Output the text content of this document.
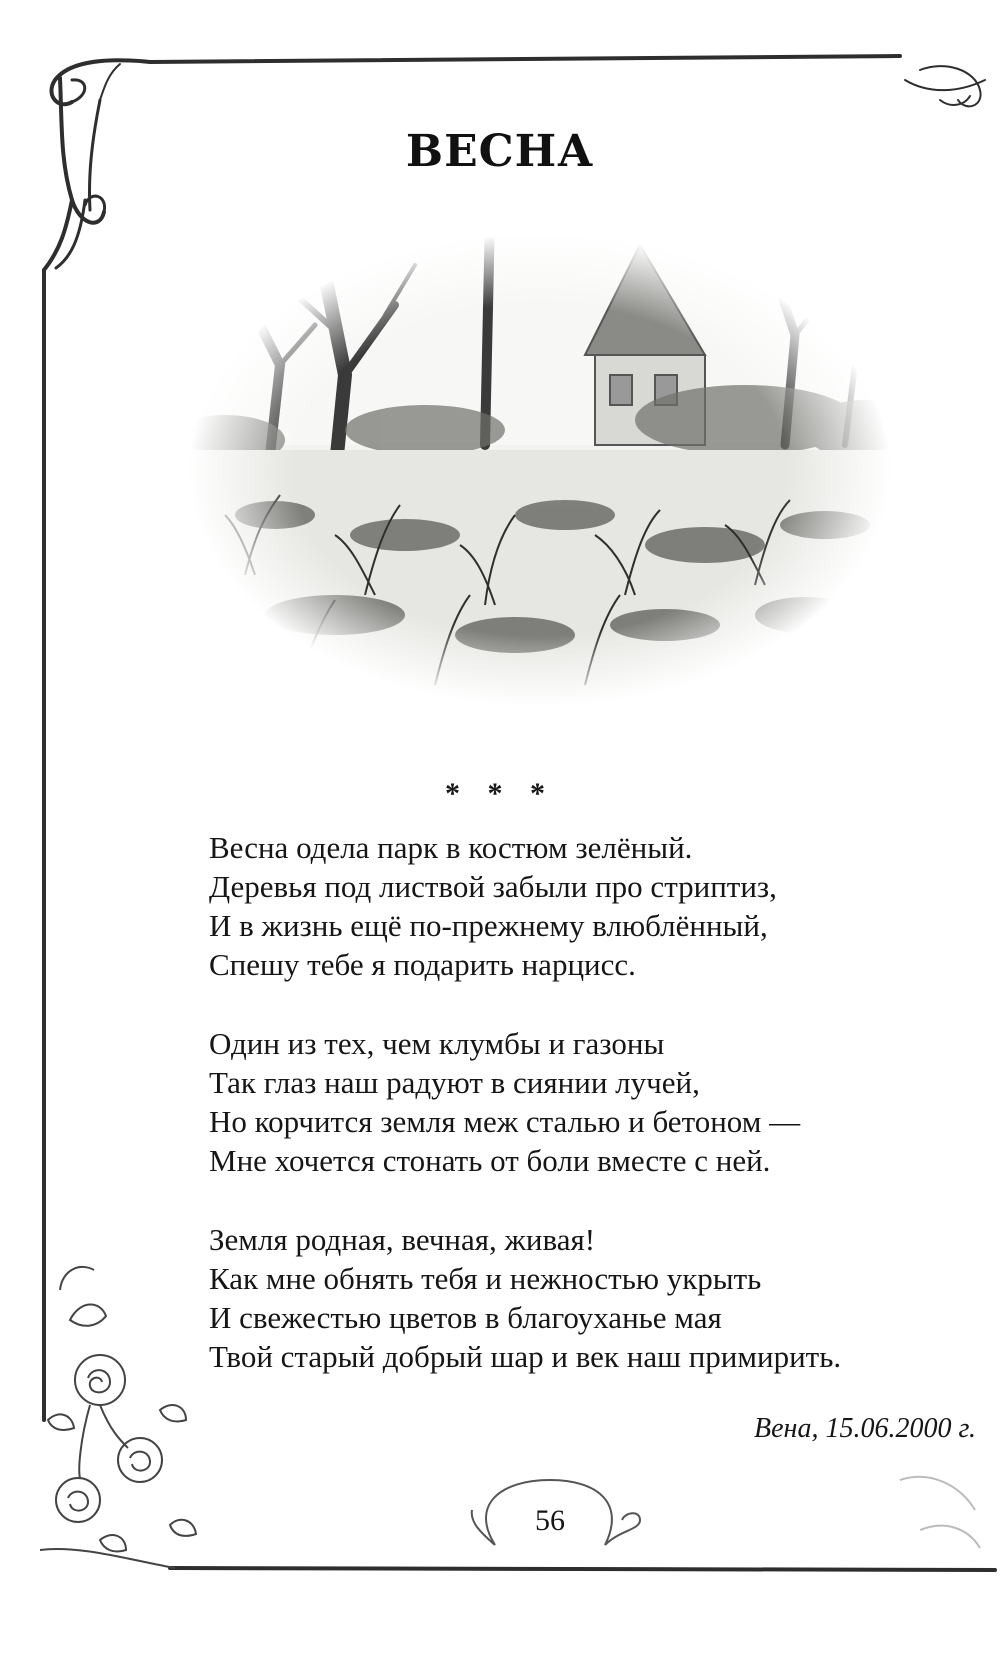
ВЕСНА
* * *
Весна одела парк в костюм зелёный.
Деревья под листвой забыли про стриптиз,
И в жизнь ещё по-прежнему влюблённый,
Спешу тебе я подарить нарцисс.
Один из тех, чем клумбы и газоны
Так глаз наш радуют в сиянии лучей,
Но корчится земля меж сталью и бетоном —
Мне хочется стонать от боли вместе с ней.
Земля родная, вечная, живая!
Как мне обнять тебя и нежностью укрыть
И свежестью цветов в благоуханье мая
Твой старый добрый шар и век наш примирить.
Вена, 15.06.2000 г.
56
